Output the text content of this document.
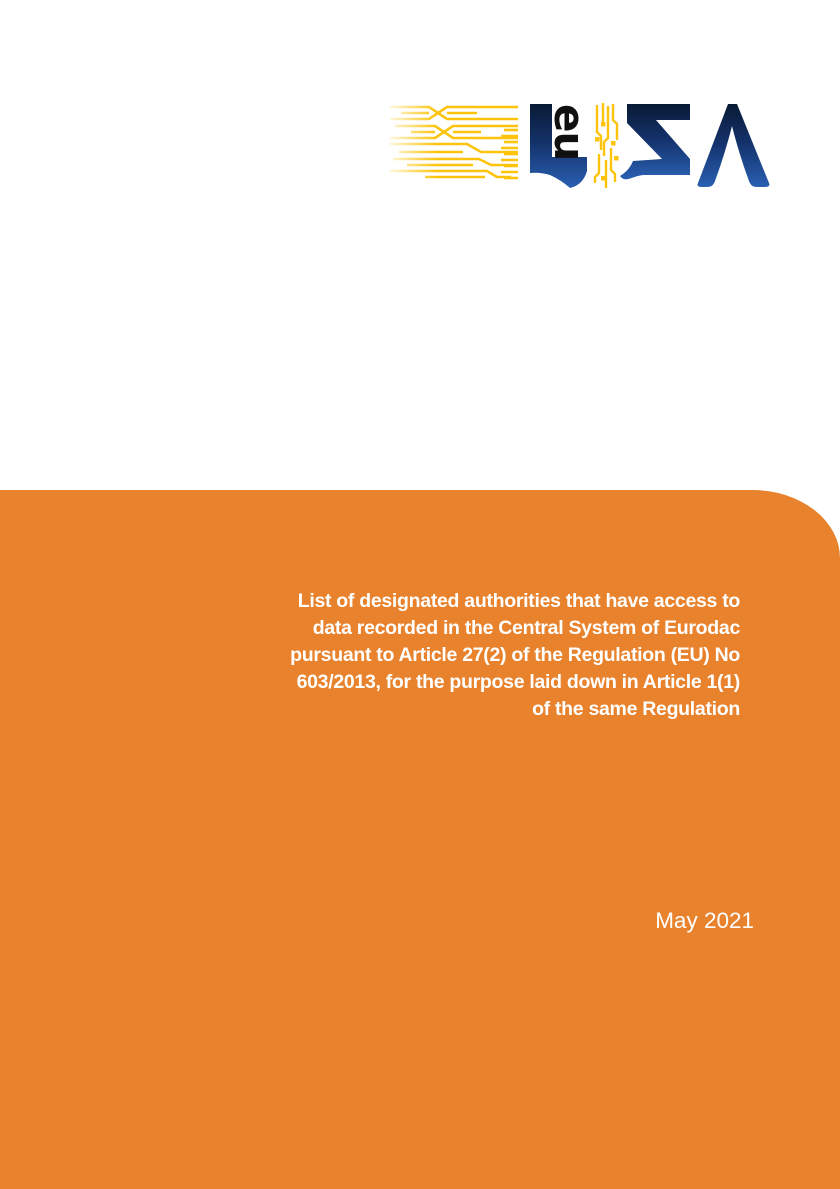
eu
List of designated authorities that have access to
data recorded in the Central System of Eurodac
pursuant to Article 27(2) of the Regulation (EU) No
603/2013, for the purpose laid down in Article 1(1)
of the same Regulation
May 2021
